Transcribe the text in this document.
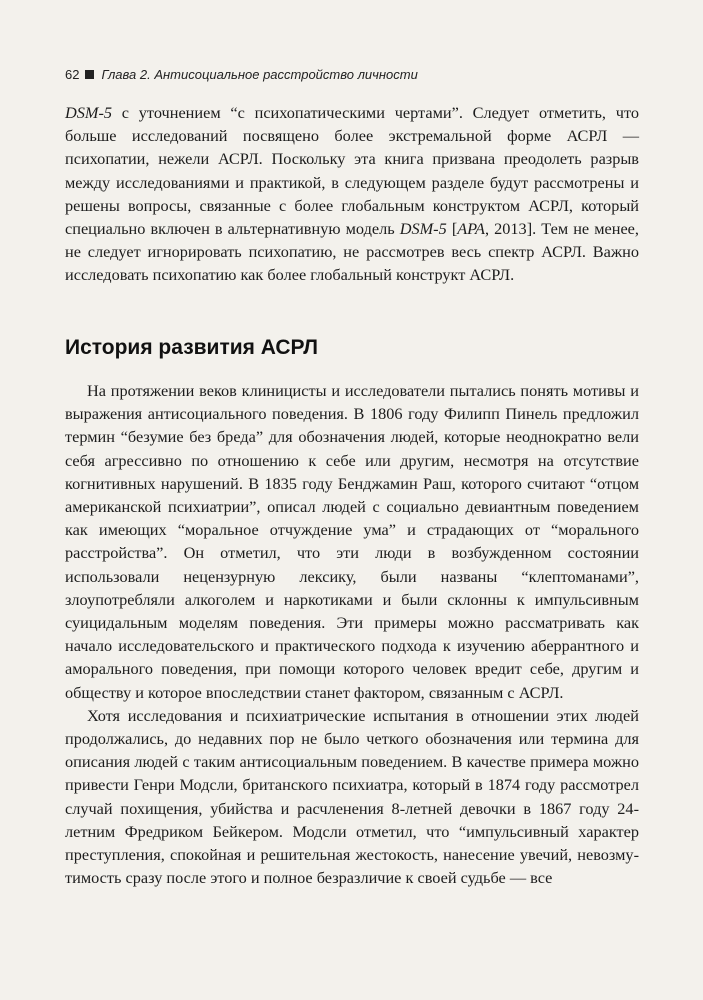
62 Глава 2. Антисоциальное расстройство личности

DSM-5 с уточнением “с психопатическими чертами”. Следует отметить, что больше исследований посвящено более экстремальной форме АСРЛ — психопатии, нежели АСРЛ. Поскольку эта книга призвана преодолеть разрыв между исследованиями и практикой, в следующем разделе будут рассмотрены и решены вопросы, связанные с более глобальным конструктом АСРЛ, который специально включен в альтернативную модель DSM-5 [APA, 2013]. Тем не менее, не следует игнорировать психопатию, не рассмотрев весь спектр АСРЛ. Важно исследовать психопатию как более глобальный конструкт АСРЛ.

История развития АСРЛ

На протяжении веков клиницисты и исследователи пытались понять мотивы и выражения антисоциального поведения. В 1806 году Филипп Пинель предложил термин “безумие без бреда” для обозначения людей, которые неоднократно вели себя агрессивно по отношению к себе или другим, несмотря на отсутствие когнитивных нарушений. В 1835 году Бенджамин Раш, которого считают “отцом американской психиатрии”, описал людей с социально девиантным поведением как имеющих “моральное отчуждение ума” и страдающих от “морального расстройства”. Он отметил, что эти люди в возбужденном состоянии использовали нецензурную лексику, были названы “клептоманами”, злоупотребляли алкоголем и наркотиками и были склонны к импульсивным суицидальным моделям поведения. Эти примеры можно рассматривать как начало исследовательского и практического подхода к изучению аберрантного и аморального поведения, при помощи которого человек вредит себе, другим и обществу и которое впоследствии станет фактором, связанным с АСРЛ.

Хотя исследования и психиатрические испытания в отношении этих людей продолжались, до недавних пор не было четкого обозначения или термина для описания людей с таким антисоциальным поведением. В качестве примера можно привести Генри Модсли, британского психиатра, который в 1874 году рассмотрел случай похищения, убийства и расчленения 8-летней девочки в 1867 году 24-летним Фредриком Бейкером. Модсли отметил, что “импульсивный характер преступления, спокойная и решительная жестокость, нанесение увечий, невозмутимость сразу после этого и полное безразличие к своей судьбе — все
